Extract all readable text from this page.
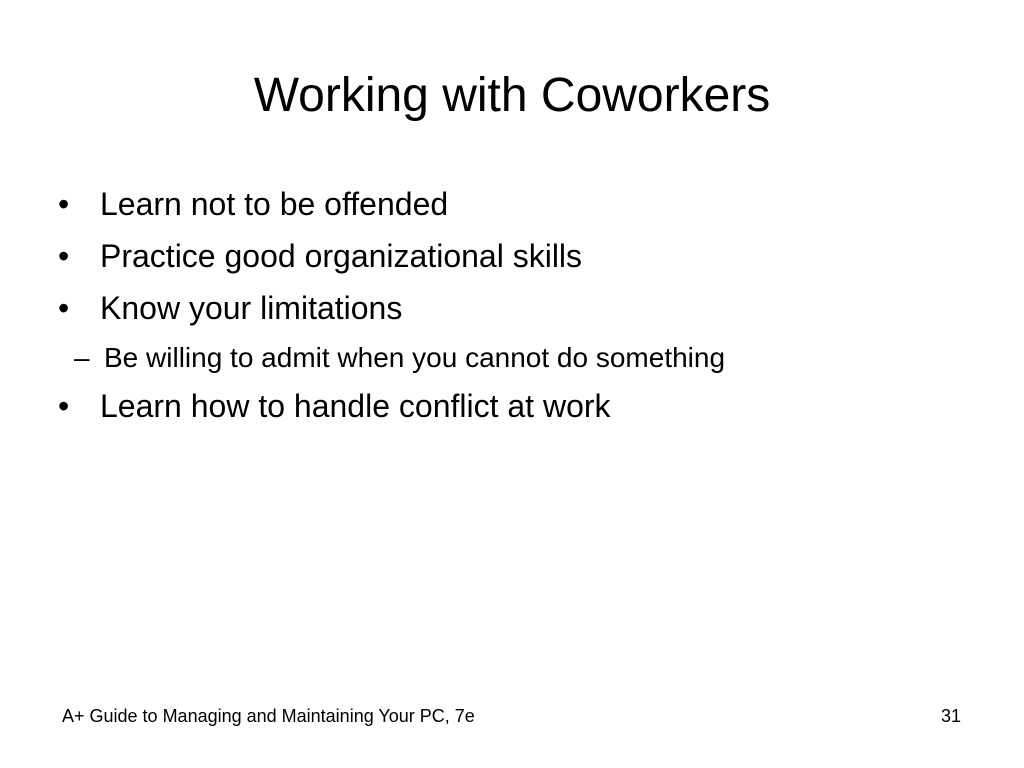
Working with Coworkers
• Learn not to be offended
• Practice good organizational skills
• Know your limitations
– Be willing to admit when you cannot do something
• Learn how to handle conflict at work
A+ Guide to Managing and Maintaining Your PC, 7e	31
